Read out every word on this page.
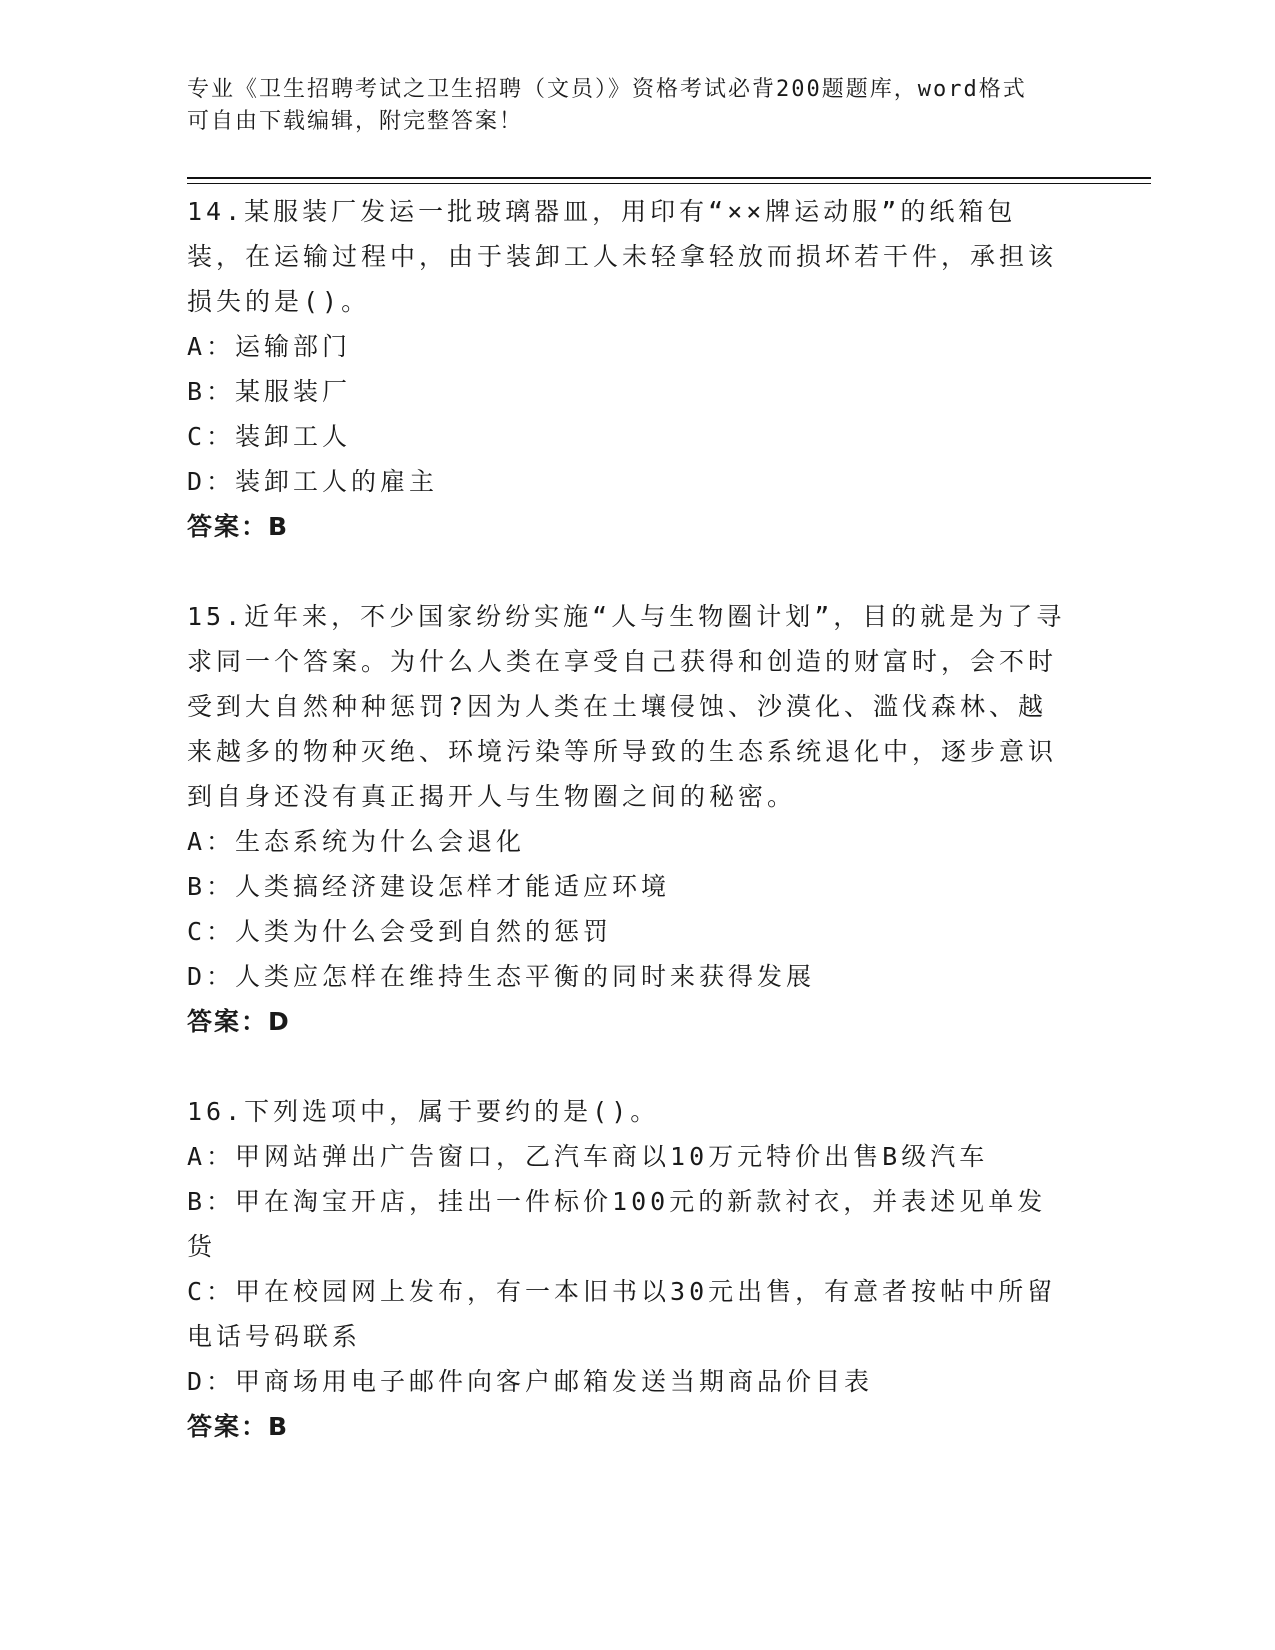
专业《卫生招聘考试之卫生招聘（文员）》资格考试必背200题题库，word格式
可自由下载编辑，附完整答案！
14.某服装厂发运一批玻璃器皿，用印有“××牌运动服”的纸箱包装，在运输过程中，由于装卸工人未轻拿轻放而损坏若干件，承担该损失的是()。
A：运输部门
B：某服装厂
C：装卸工人
D：装卸工人的雇主
答案：B
15.近年来，不少国家纷纷实施“人与生物圈计划”，目的就是为了寻求同一个答案。为什么人类在享受自己获得和创造的财富时，会不时受到大自然种种惩罚?因为人类在土壤侵蚀、沙漠化、滥伐森林、越来越多的物种灭绝、环境污染等所导致的生态系统退化中，逐步意识到自身还没有真正揭开人与生物圈之间的秘密。
A：生态系统为什么会退化
B：人类搞经济建设怎样才能适应环境
C：人类为什么会受到自然的惩罚
D：人类应怎样在维持生态平衡的同时来获得发展
答案：D
16.下列选项中，属于要约的是()。
A：甲网站弹出广告窗口，乙汽车商以10万元特价出售B级汽车
B：甲在淘宝开店，挂出一件标价100元的新款衬衣，并表述见单发货
C：甲在校园网上发布，有一本旧书以30元出售，有意者按帖中所留电话号码联系
D：甲商场用电子邮件向客户邮箱发送当期商品价目表
答案：B
